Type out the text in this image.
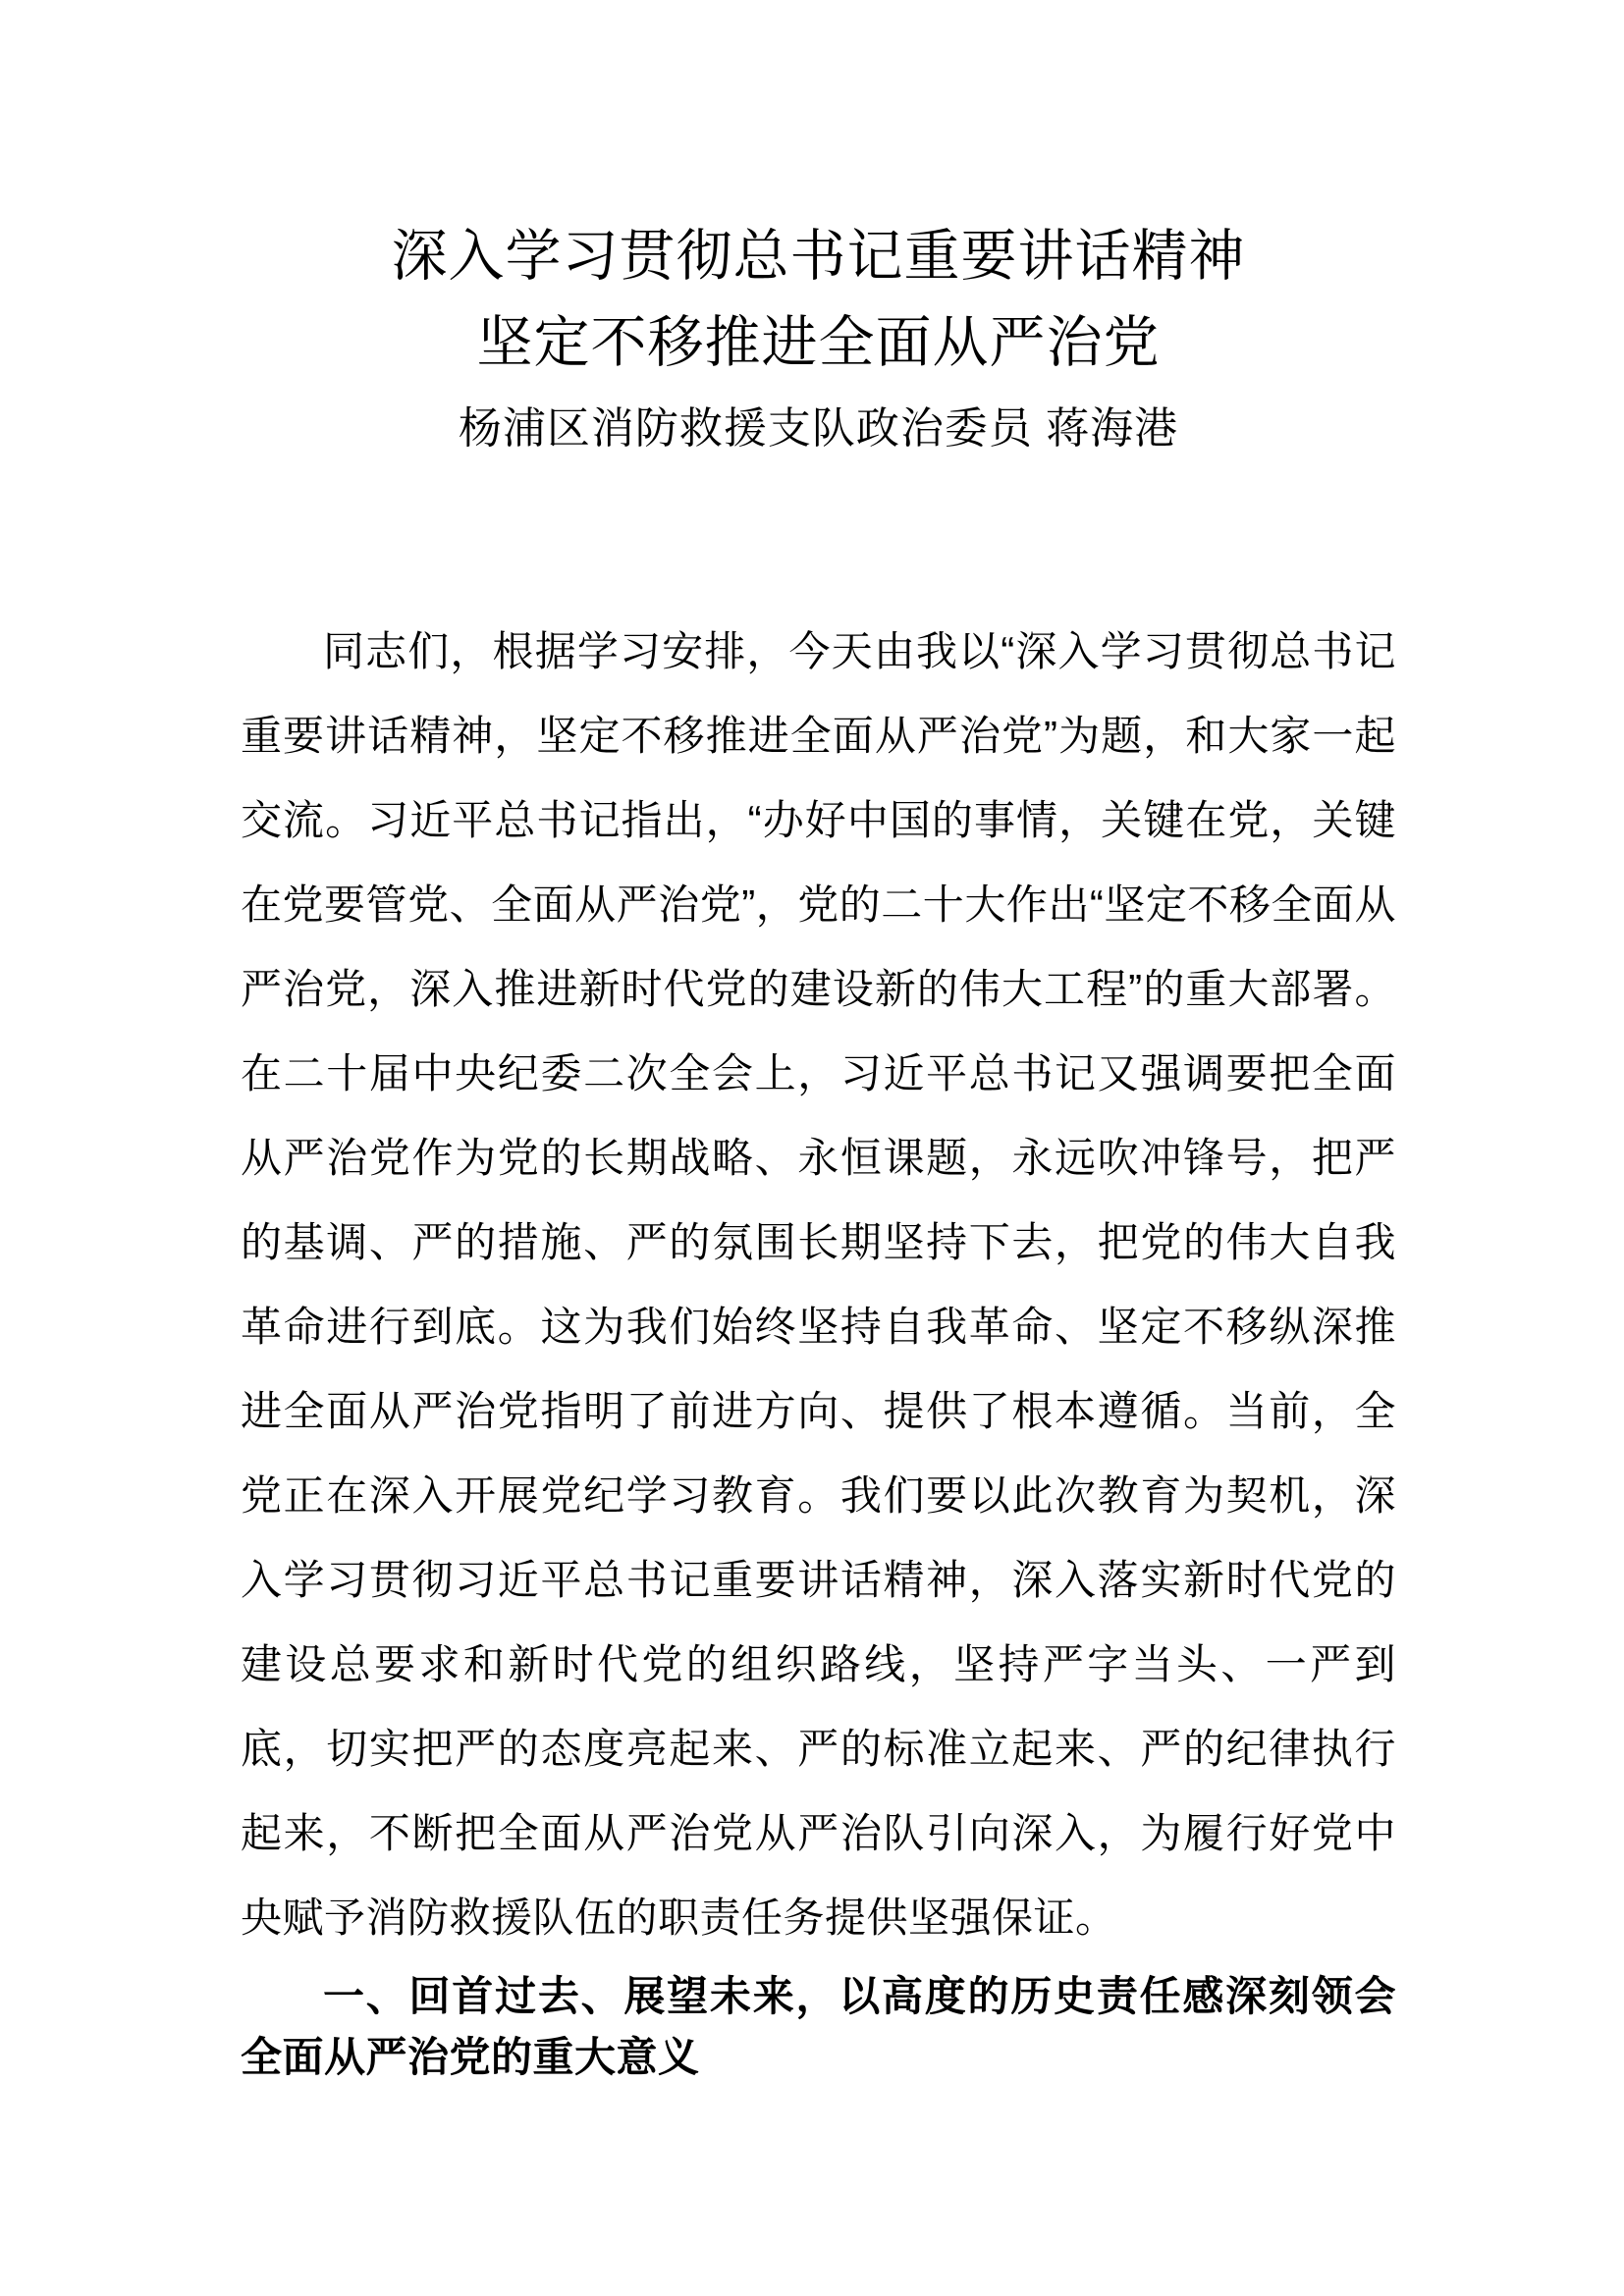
深入学习贯彻总书记重要讲话精神
坚定不移推进全面从严治党
杨浦区消防救援支队政治委员 蒋海港

同志们，根据学习安排，今天由我以“深入学习贯彻总书记重要讲话精神，坚定不移推进全面从严治党”为题，和大家一起交流。习近平总书记指出，“办好中国的事情，关键在党，关键在党要管党、全面从严治党”，党的二十大作出“坚定不移全面从严治党，深入推进新时代党的建设新的伟大工程”的重大部署。在二十届中央纪委二次全会上，习近平总书记又强调要把全面从严治党作为党的长期战略、永恒课题，永远吹冲锋号，把严的基调、严的措施、严的氛围长期坚持下去，把党的伟大自我革命进行到底。这为我们始终坚持自我革命、坚定不移纵深推进全面从严治党指明了前进方向、提供了根本遵循。当前，全党正在深入开展党纪学习教育。我们要以此次教育为契机，深入学习贯彻习近平总书记重要讲话精神，深入落实新时代党的建设总要求和新时代党的组织路线，坚持严字当头、一严到底，切实把严的态度亮起来、严的标准立起来、严的纪律执行起来，不断把全面从严治党从严治队引向深入，为履行好党中央赋予消防救援队伍的职责任务提供坚强保证。

一、回首过去、展望未来，以高度的历史责任感深刻领会全面从严治党的重大意义
